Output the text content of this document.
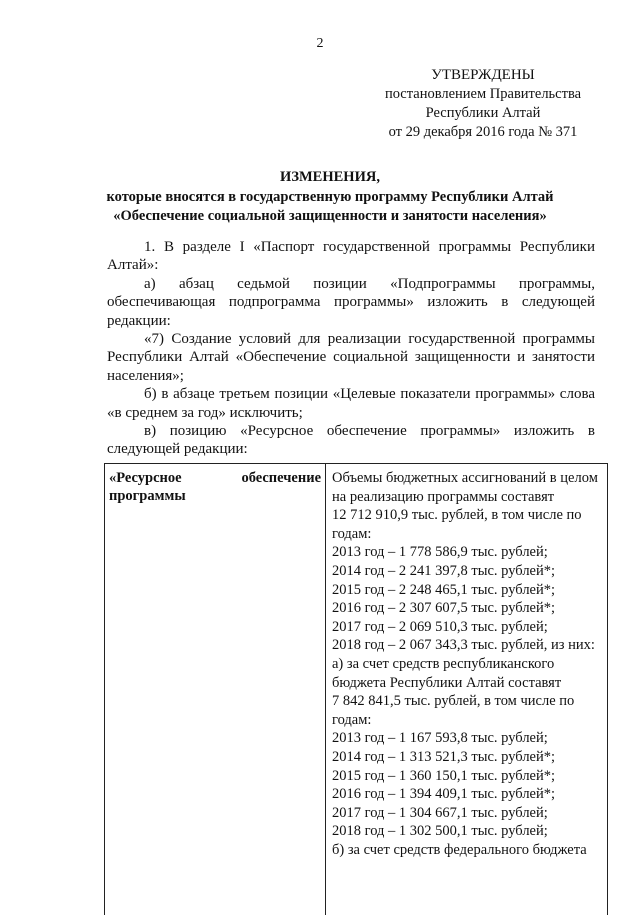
2
УТВЕРЖДЕНЫ
постановлением Правительства
Республики Алтай
от 29 декабря 2016 года № 371
ИЗМЕНЕНИЯ,
которые вносятся в государственную программу Республики Алтай
«Обеспечение социальной защищенности и занятости населения»

1. В разделе I «Паспорт государственной программы Республики Алтай»:

а) абзац седьмой позиции «Подпрограммы программы, обеспечивающая подпрограмма программы» изложить в следующей редакции:

«7) Создание условий для реализации государственной программы Республики Алтай «Обеспечение социальной защищенности и занятости населения»;

б) в абзаце третьем позиции «Целевые показатели программы» слова «в среднем за год» исключить;

в) позицию «Ресурсное обеспечение программы» изложить в следующей редакции:

«Ресурсное обеспечение
программы
Объемы бюджетных ассигнований в целом
на реализацию программы составят
12 712 910,9 тыс. рублей, в том числе по
годам:
2013 год – 1 778 586,9 тыс. рублей;
2014 год – 2 241 397,8 тыс. рублей*;
2015 год – 2 248 465,1 тыс. рублей*;
2016 год – 2 307 607,5 тыс. рублей*;
2017 год – 2 069 510,3 тыс. рублей;
2018 год – 2 067 343,3 тыс. рублей, из них:
а) за счет средств республиканского
бюджета Республики Алтай составят
7 842 841,5 тыс. рублей, в том числе по
годам:
2013 год – 1 167 593,8 тыс. рублей;
2014 год – 1 313 521,3 тыс. рублей*;
2015 год – 1 360 150,1 тыс. рублей*;
2016 год – 1 394 409,1 тыс. рублей*;
2017 год – 1 304 667,1 тыс. рублей;
2018 год – 1 302 500,1 тыс. рублей;
б) за счет средств федерального бюджета
